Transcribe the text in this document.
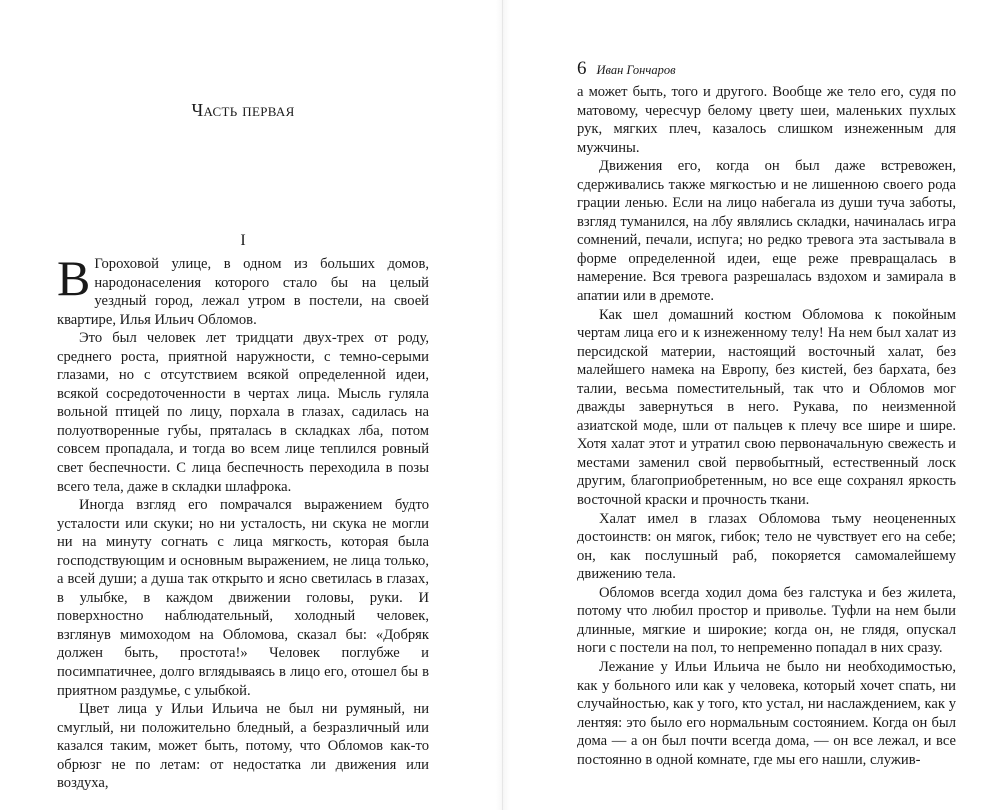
Часть первая
I

В Гороховой улице, в одном из больших домов, народонаселения которого стало бы на целый уездный город, лежал утром в постели, на своей квартире, Илья Ильич Обломов.

Это был человек лет тридцати двух-трех от роду, среднего роста, приятной наружности, с темно-серыми глазами, но с отсутствием всякой определенной идеи, всякой сосредоточенности в чертах лица. Мысль гуляла вольной птицей по лицу, порхала в глазах, садилась на полуотворенные губы, пряталась в складках лба, потом совсем пропадала, и тогда во всем лице теплился ровный свет беспечности. С лица беспечность переходила в позы всего тела, даже в складки шлафрока.

Иногда взгляд его помрачался выражением будто усталости или скуки; но ни усталость, ни скука не могли ни на минуту согнать с лица мягкость, которая была господствующим и основным выражением, не лица только, а всей души; а душа так открыто и ясно светилась в глазах, в улыбке, в каждом движении головы, руки. И поверхностно наблюдательный, холодный человек, взглянув мимоходом на Обломова, сказал бы: «Добряк должен быть, простота!» Человек поглубже и посимпатичнее, долго вглядываясь в лицо его, отошел бы в приятном раздумье, с улыбкой.

Цвет лица у Ильи Ильича не был ни румяный, ни смуглый, ни положительно бледный, а безразличный или казался таким, может быть, потому, что Обломов как-то обрюзг не по летам: от недостатка ли движения или воздуха,

6 Иван Гончаров

а может быть, того и другого. Вообще же тело его, судя по матовому, чересчур белому цвету шеи, маленьких пухлых рук, мягких плеч, казалось слишком изнеженным для мужчины.

Движения его, когда он был даже встревожен, сдерживались также мягкостью и не лишенною своего рода грации ленью. Если на лицо набегала из души туча заботы, взгляд туманился, на лбу являлись складки, начиналась игра сомнений, печали, испуга; но редко тревога эта застывала в форме определенной идеи, еще реже превращалась в намерение. Вся тревога разрешалась вздохом и замирала в апатии или в дремоте.

Как шел домашний костюм Обломова к покойным чертам лица его и к изнеженному телу! На нем был халат из персидской материи, настоящий восточный халат, без малейшего намека на Европу, без кистей, без бархата, без талии, весьма поместительный, так что и Обломов мог дважды завернуться в него. Рукава, по неизменной азиатской моде, шли от пальцев к плечу все шире и шире. Хотя халат этот и утратил свою первоначальную свежесть и местами заменил свой первобытный, естественный лоск другим, благоприобретенным, но все еще сохранял яркость восточной краски и прочность ткани.

Халат имел в глазах Обломова тьму неоцененных достоинств: он мягок, гибок; тело не чувствует его на себе; он, как послушный раб, покоряется самомалейшему движению тела.

Обломов всегда ходил дома без галстука и без жилета, потому что любил простор и приволье. Туфли на нем были длинные, мягкие и широкие; когда он, не глядя, опускал ноги с постели на пол, то непременно попадал в них сразу.

Лежание у Ильи Ильича не было ни необходимостью, как у больного или как у человека, который хочет спать, ни случайностью, как у того, кто устал, ни наслаждением, как у лентяя: это было его нормальным состоянием. Когда он был дома — а он был почти всегда дома, — он все лежал, и все постоянно в одной комнате, где мы его нашли, служив-
